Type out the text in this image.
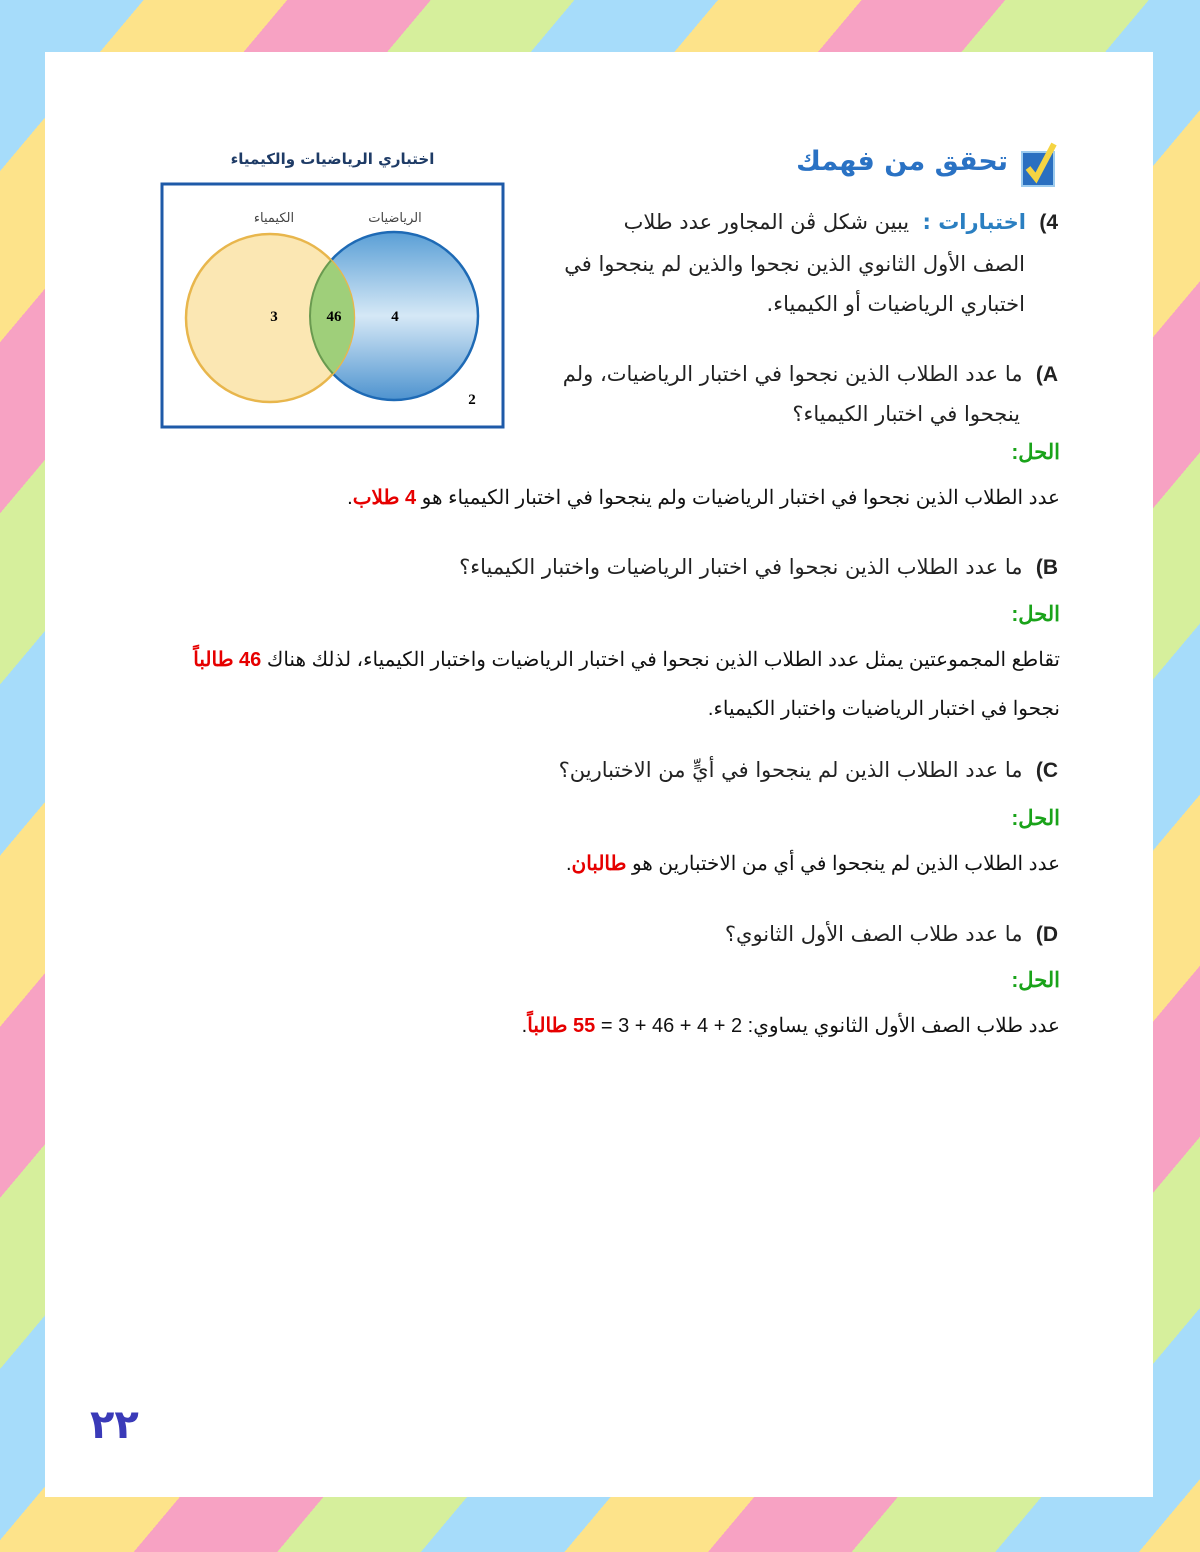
تحقق من فهمك
اختباري الرياضيات والكيمياء
الكيمياء	الرياضيات
3	46	4
2
4)  اختبارات :  يبين شكل ڤن المجاور عدد طلاب
الصف الأول الثانوي الذين نجحوا والذين لم ينجحوا في
اختباري الرياضيات أو الكيمياء.
A)  ما عدد الطلاب الذين نجحوا في اختبار الرياضيات، ولم
ينجحوا في اختبار الكيمياء؟
الحل:
عدد الطلاب الذين نجحوا في اختبار الرياضيات ولم ينجحوا في اختبار الكيمياء هو 4 طلاب.
B)  ما عدد الطلاب الذين نجحوا في اختبار الرياضيات واختبار الكيمياء؟
الحل:
تقاطع المجموعتين يمثل عدد الطلاب الذين نجحوا في اختبار الرياضيات واختبار الكيمياء، لذلك هناك 46 طالباً
نجحوا في اختبار الرياضيات واختبار الكيمياء.
C)  ما عدد الطلاب الذين لم ينجحوا في أيٍّ من الاختبارين؟
الحل:
عدد الطلاب الذين لم ينجحوا في أي من الاختبارين هو طالبان.
D)  ما عدد طلاب الصف الأول الثانوي؟
الحل:
عدد طلاب الصف الأول الثانوي يساوي: 2 + 4 + 46 + 3 = 55 طالباً.
٢٢
